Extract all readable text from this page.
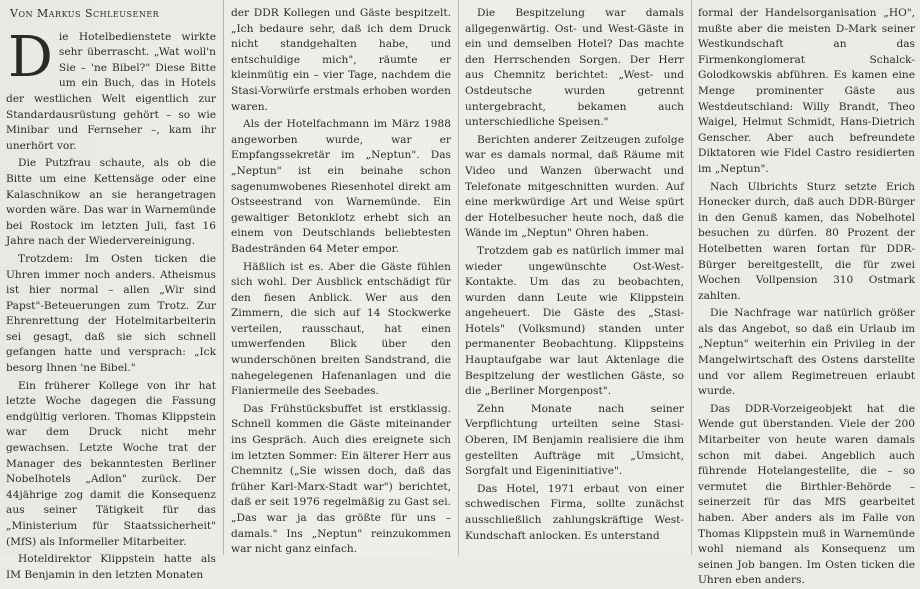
Von Markus Schleusener

Die Hotelbedienstete wirkte sehr überrascht. „Wat woll'n Sie – 'ne Bibel?" Diese Bitte um ein Buch, das in Hotels der westlichen Welt eigentlich zur Standardausrüstung gehört – so wie Minibar und Fernseher –, kam ihr unerhört vor.

Die Putzfrau schaute, als ob die Bitte um eine Kettensäge oder eine Kalaschnikow an sie herangetragen worden wäre. Das war in Warnemünde bei Rostock im letzten Juli, fast 16 Jahre nach der Wiedervereinigung.

Trotzdem: Im Osten ticken die Uhren immer noch anders. Atheismus ist hier normal – allen „Wir sind Papst"-Beteuerungen zum Trotz. Zur Ehrenrettung der Hotelmitarbeiterin sei gesagt, daß sie sich schnell gefangen hatte und versprach: „Ick besorg Ihnen 'ne Bibel."

Ein früherer Kollege von ihr hat letzte Woche dagegen die Fassung endgültig verloren. Thomas Klippstein war dem Druck nicht mehr gewachsen. Letzte Woche trat der Manager des bekanntesten Berliner Nobelhotels „Adlon" zurück. Der 44jährige zog damit die Konsequenz aus seiner Tätigkeit für das „Ministerium für Staatssicherheit" (MfS) als Informeller Mitarbeiter.

Hoteldirektor Klippstein hatte als IM Benjamin in den letzten Monaten

der DDR Kollegen und Gäste bespitzelt. „Ich bedaure sehr, daß ich dem Druck nicht standgehalten habe, und entschuldige mich", räumte er kleinmütig ein – vier Tage, nachdem die Stasi-Vorwürfe erstmals erhoben worden waren.

Als der Hotelfachmann im März 1988 angeworben wurde, war er Empfangssekretär im „Neptun". Das „Neptun" ist ein beinahe schon sagenumwobenes Riesenhotel direkt am Ostseestrand von Warnemünde. Ein gewaltiger Betonklotz erhebt sich an einem von Deutschlands beliebtesten Badestränden 64 Meter empor.

Häßlich ist es. Aber die Gäste fühlen sich wohl. Der Ausblick entschädigt für den fiesen Anblick. Wer aus den Zimmern, die sich auf 14 Stockwerke verteilen, rausschaut, hat einen umwerfenden Blick über den wunderschönen breiten Sandstrand, die nahegelegenen Hafenanlagen und die Flaniermeile des Seebades.

Das Frühstücksbuffet ist erstklassig. Schnell kommen die Gäste miteinander ins Gespräch. Auch dies ereignete sich im letzten Sommer: Ein älterer Herr aus Chemnitz („Sie wissen doch, daß das früher Karl-Marx-Stadt war") berichtet, daß er seit 1976 regelmäßig zu Gast sei. „Das war ja das größte für uns – damals." Ins „Neptun" reinzukommen war nicht ganz einfach.

Die Bespitzelung war damals allgegenwärtig. Ost- und West-Gäste in ein und demselben Hotel? Das machte den Herrschenden Sorgen. Der Herr aus Chemnitz berichtet: „West- und Ostdeutsche wurden getrennt untergebracht, bekamen auch unterschiedliche Speisen."

Berichten anderer Zeitzeugen zufolge war es damals normal, daß Räume mit Video und Wanzen überwacht und Telefonate mitgeschnitten wurden. Auf eine merkwürdige Art und Weise spürt der Hotelbesucher heute noch, daß die Wände im „Neptun" Ohren haben.

Trotzdem gab es natürlich immer mal wieder ungewünschte Ost-West-Kontakte. Um das zu beobachten, wurden dann Leute wie Klippstein angeheuert. Die Gäste des „Stasi-Hotels" (Volksmund) standen unter permanenter Beobachtung. Klippsteins Hauptaufgabe war laut Aktenlage die Bespitzelung der westlichen Gäste, so die „Berliner Morgenpost".

Zehn Monate nach seiner Verpflichtung urteilten seine Stasi-Oberen, IM Benjamin realisiere die ihm gestellten Aufträge mit „Umsicht, Sorgfalt und Eigeninitiative".

Das Hotel, 1971 erbaut von einer schwedischen Firma, sollte zunächst ausschließlich zahlungskräftige West-Kundschaft anlocken. Es unterstand

formal der Handelsorganisation „HO", mußte aber die meisten D-Mark seiner Westkundschaft an das Firmenkonglomerat Schalck-Golodkowskis abführen. Es kamen eine Menge prominenter Gäste aus Westdeutschland: Willy Brandt, Theo Waigel, Helmut Schmidt, Hans-Dietrich Genscher. Aber auch befreundete Diktatoren wie Fidel Castro residierten im „Neptun".

Nach Ulbrichts Sturz setzte Erich Honecker durch, daß auch DDR-Bürger in den Genuß kamen, das Nobelhotel besuchen zu dürfen. 80 Prozent der Hotelbetten waren fortan für DDR-Bürger bereitgestellt, die für zwei Wochen Vollpension 310 Ostmark zahlten.

Die Nachfrage war natürlich größer als das Angebot, so daß ein Urlaub im „Neptun" weiterhin ein Privileg in der Mangelwirtschaft des Ostens darstellte und vor allem Regimetreuen erlaubt wurde.

Das DDR-Vorzeigeobjekt hat die Wende gut überstanden. Viele der 200 Mitarbeiter von heute waren damals schon mit dabei. Angeblich auch führende Hotelangestellte, die – so vermutet die Birthler-Behörde – seinerzeit für das MfS gearbeitet haben. Aber anders als im Falle von Thomas Klippstein muß in Warnemünde wohl niemand als Konsequenz um seinen Job bangen. Im Osten ticken die Uhren eben anders.
